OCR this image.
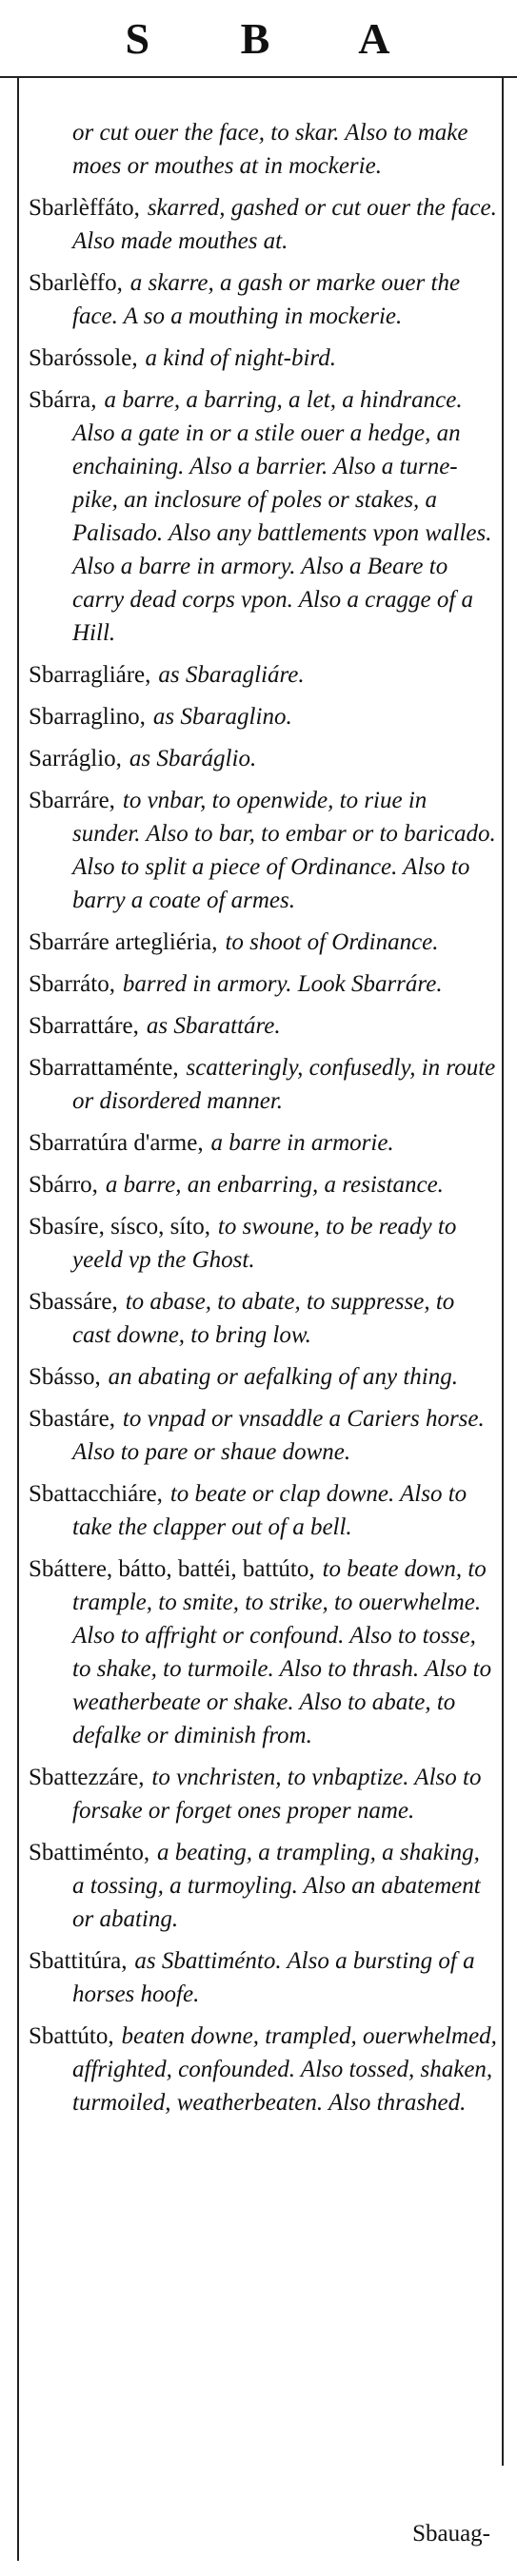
S B A

or cut ouer the face, to skar. Also to make moes or mouthes at in mockerie.

Sbarlèffáto, skarred, gashed or cut ouer the face. Also made mouthes at.

Sbarlèffo, a skarre, a gash or marke ouer the face. A so a mouthing in mockerie.

Sbaróssole, a kind of night-bird.

Sbárra, a barre, a barring, a let, a hindrance. Also a gate in or a stile ouer a hedge, an enchaining. Also a barrier. Also a turne-pike, an inclosure of poles or stakes, a Palisado. Also any battlements vpon walles. Also a barre in armory. Also a Beare to carry dead corps vpon. Also a cragge of a Hill.

Sbarragliáre, as Sbaragliáre.

Sbarraglino, as Sbaraglino.

Sarráglio, as Sbaráglio.

Sbarráre, to vnbar, to openwide, to riue in sunder. Also to bar, to embar or to baricado. Also to split a piece of Ordinance. Also to barry a coate of armes.

Sbarráre artegliéria, to shoot of Ordinance.

Sbarráto, barred in armory. Look Sbarráre.

Sbarrattáre, as Sbarattáre.

Sbarrattaménte, scatteringly, confusedly, in route or disordered manner.

Sbarratúra d'arme, a barre in armorie.

Sbárro, a barre, an enbarring, a resistance.

Sbasíre, sísco, síto, to swoune, to be ready to yeeld vp the Ghost.

Sbassáre, to abase, to abate, to suppresse, to cast downe, to bring low.

Sbásso, an abating or aefalking of any thing.

Sbastáre, to vnpad or vnsaddle a Cariers horse. Also to pare or shaue downe.

Sbattacchiáre, to beate or clap downe. Also to take the clapper out of a bell.

Sbáttere, bátto, battéi, battúto, to beate down, to trample, to smite, to strike, to ouerwhelme. Also to affright or confound. Also to tosse, to shake, to turmoile. Also to thrash. Also to weatherbeate or shake. Also to abate, to defalke or diminish from.

Sbattezzáre, to vnchristen, to vnbaptize. Also to forsake or forget ones proper name.

Sbattiménto, a beating, a trampling, a shaking, a tossing, a turmoyling. Also an abatement or abating.

Sbattitúra, as Sbattiménto. Also a bursting of a horses hoofe.

Sbattúto, beaten downe, trampled, ouerwhelmed, affrighted, confounded. Also tossed, shaken, turmoiled, weatherbeaten. Also thrashed.

Sbauag-
